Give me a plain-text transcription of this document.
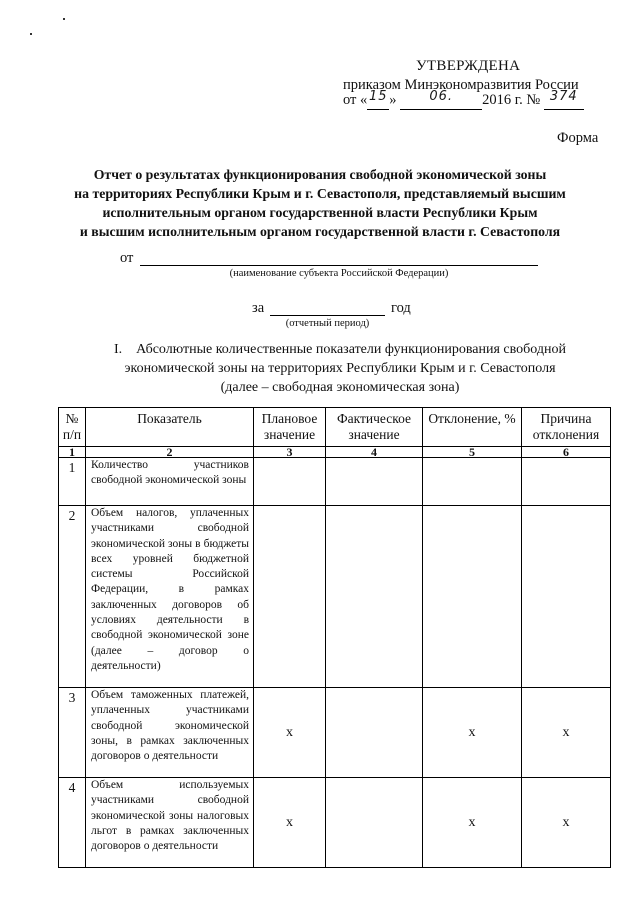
УТВЕРЖДЕНА
приказом Минэкономразвития России
от « 15 »	06. 2016 г. № 374
Форма
Отчет о результатах функционирования свободной экономической зоны
на территориях Республики Крым и г. Севастополя, представляемый высшим
исполнительным органом государственной власти Республики Крым
и высшим исполнительным органом государственной власти г. Севастополя
от
(наименование субъекта Российской Федерации)
за	год
(отчетный период)
I.    Абсолютные количественные показатели функционирования свободной
экономической зоны на территориях Республики Крым и г. Севастополя
(далее – свободная экономическая зона)
№ п/п	Показатель	Плановое значение	Фактическое значение	Отклонение, %	Причина отклонения
1	2	3	4	5	6
1	Количество участников свободной экономической зоны				
2	Объем налогов, уплаченных участниками свободной экономической зоны в бюджеты всех уровней бюджетной системы Российской Федерации, в рамках заключенных договоров об условиях деятельности в свободной экономической зоне (далее – договор о деятельности)				
3	Объем таможенных платежей, уплаченных участниками свободной экономической зоны, в рамках заключенных договоров о деятельности	x		x	x
4	Объем используемых участниками свободной экономической зоны налоговых льгот в рамках заключенных договоров о деятельности	x		x	x
